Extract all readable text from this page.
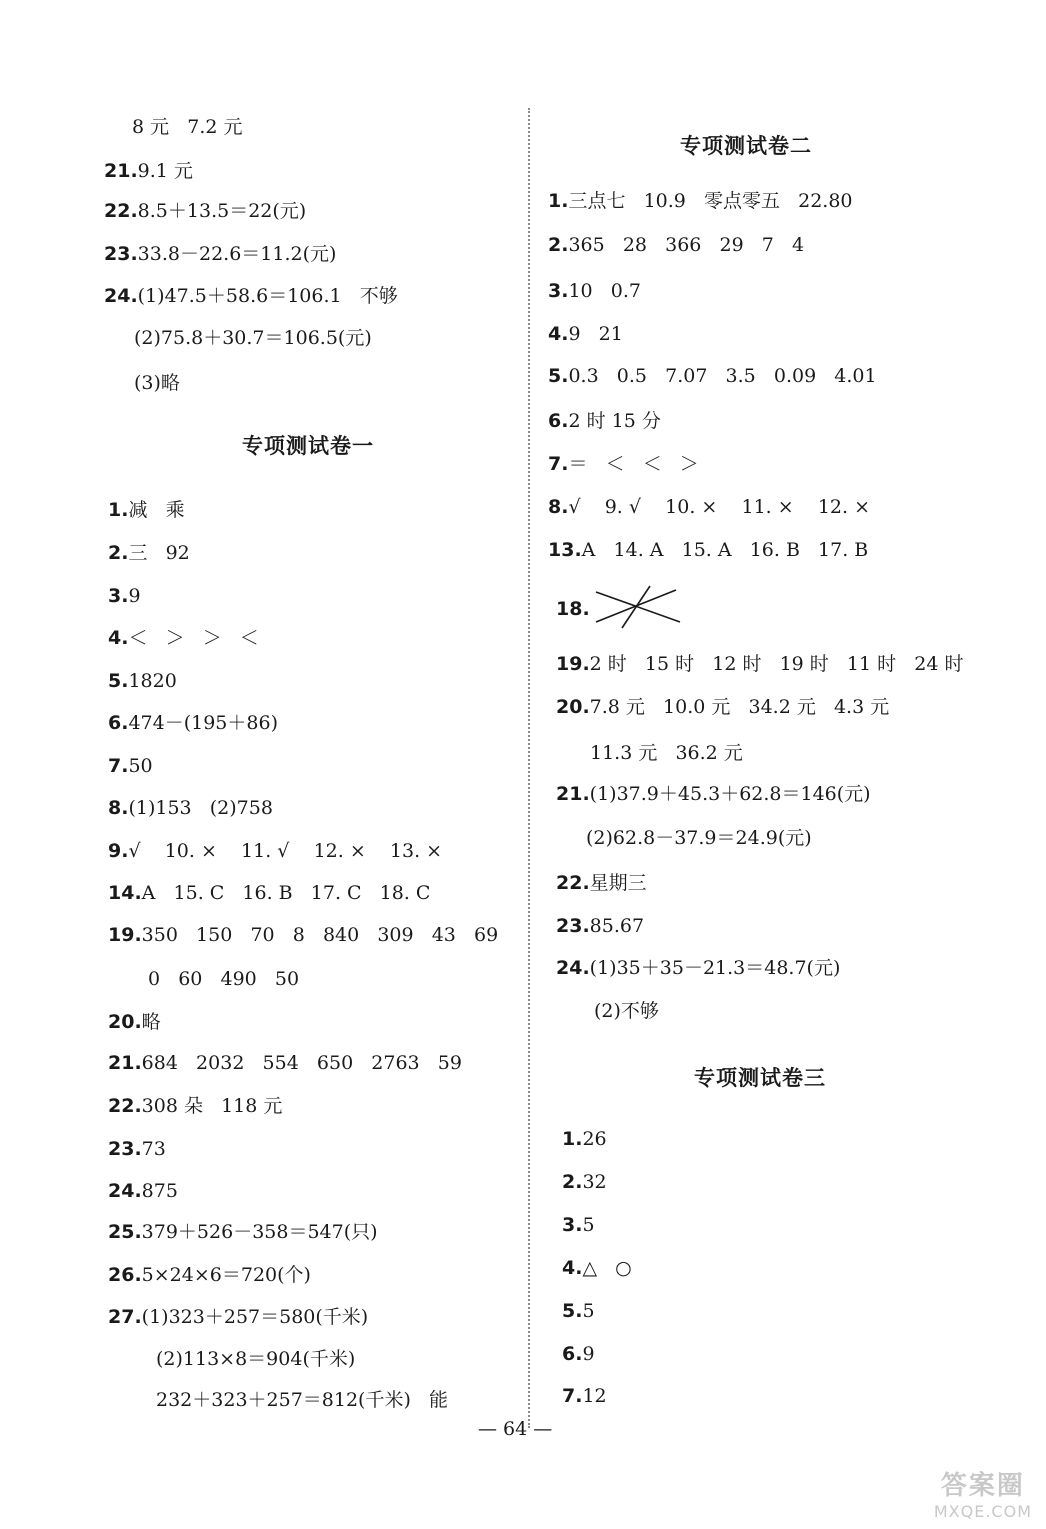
8 元   7.2 元
21.9.1 元
22.8.5＋13.5＝22(元)
23.33.8－22.6＝11.2(元)
24.(1)47.5＋58.6＝106.1   不够
(2)75.8＋30.7＝106.5(元)
(3)略
专项测试卷一
1.减   乘
2.三   92
3.9
4.＜   ＞   ＞   ＜
5.1820
6.474－(195＋86)
7.50
8.(1)153   (2)758
9.√    10. ×    11. √    12. ×    13. ×
14.A   15. C   16. B   17. C   18. C
19.350   150   70   8   840   309   43   69
0   60   490   50
20.略
21.684   2032   554   650   2763   59
22.308 朵   118 元
23.73
24.875
25.379＋526－358＝547(只)
26.5×24×6＝720(个)
27.(1)323＋257＝580(千米)
(2)113×8＝904(千米)
232＋323＋257＝812(千米)   能
专项测试卷二
1.三点七   10.9   零点零五   22.80
2.365   28   366   29   7   4
3.10   0.7
4.9   21
5.0.3   0.5   7.07   3.5   0.09   4.01
6.2 时 15 分
7.＝   ＜   ＜   ＞
8.√    9. √    10. ×    11. ×    12. ×
13.A   14. A   15. A   16. B   17. B
18.
19.2 时   15 时   12 时   19 时   11 时   24 时
20.7.8 元   10.0 元   34.2 元   4.3 元
11.3 元   36.2 元
21.(1)37.9＋45.3＋62.8＝146(元)
(2)62.8－37.9＝24.9(元)
22.星期三
23.85.67
24.(1)35＋35－21.3＝48.7(元)
(2)不够
专项测试卷三
1.26
2.32
3.5
4.△   ○
5.5
6.9
7.12
— 64 —
答案圈
MXQE.COM
